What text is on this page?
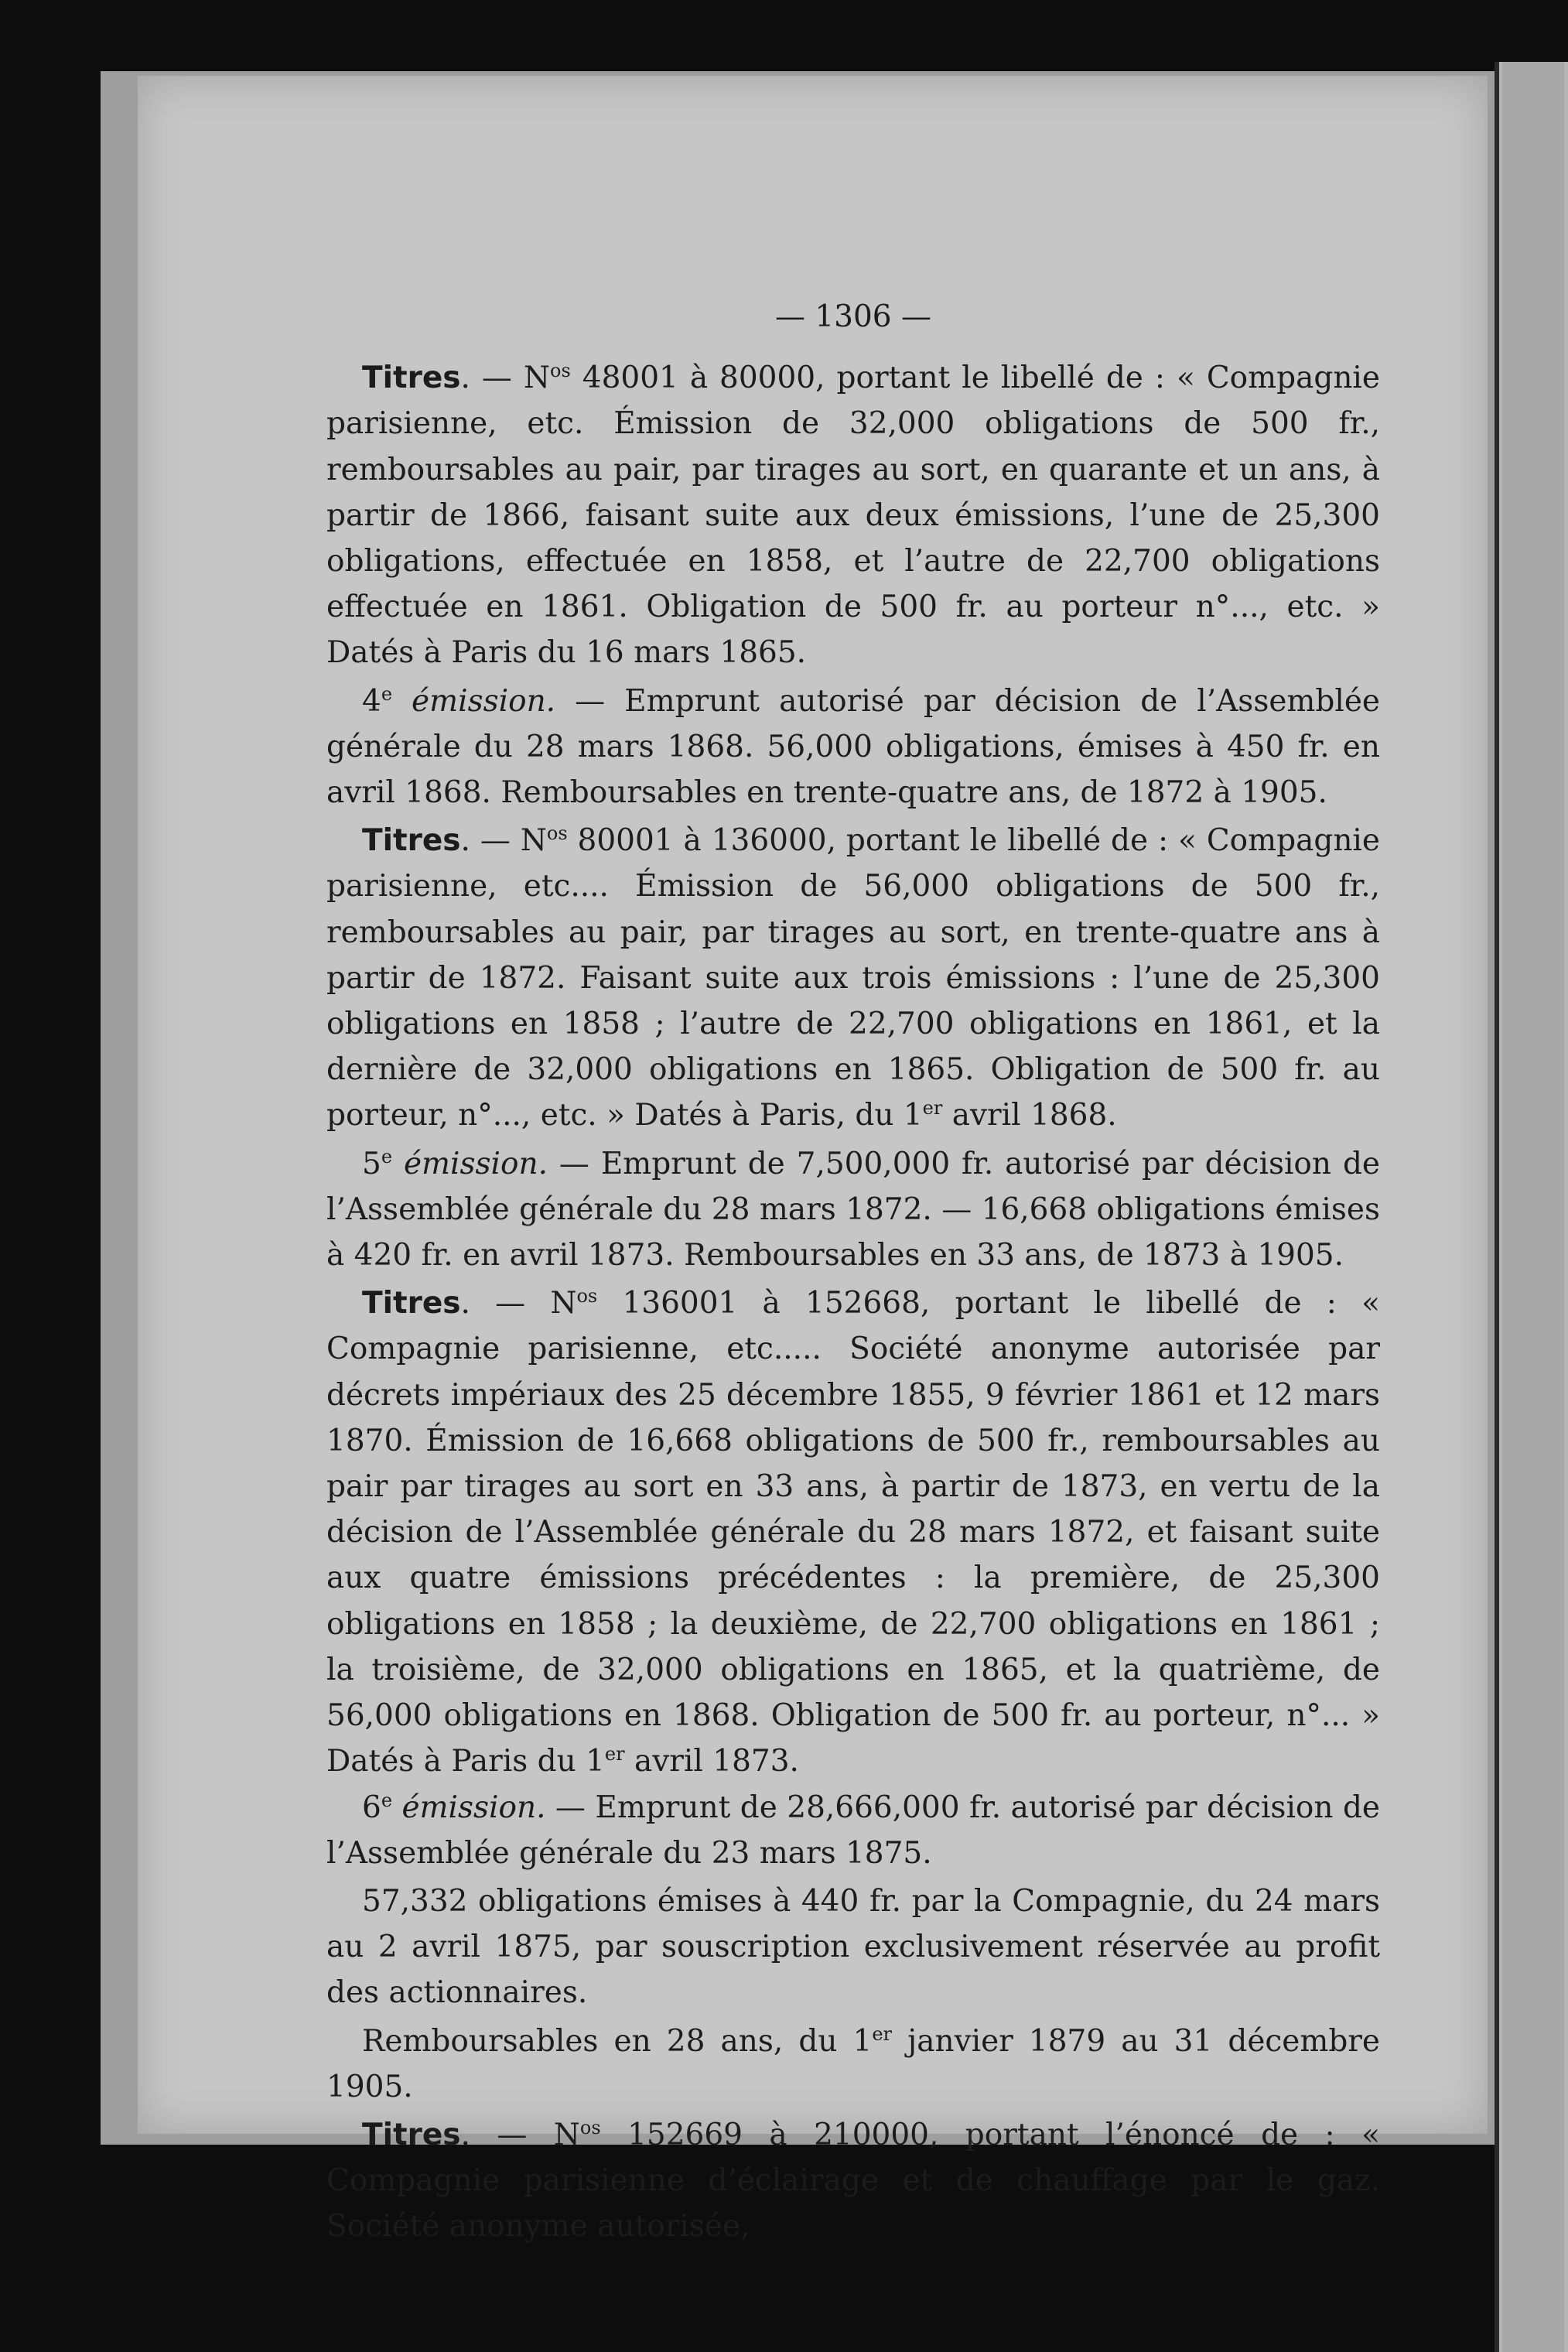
— 1306 —

Titres. — $N^{os}$ 48001 à 80000, portant le libellé de : « Compagnie parisienne, etc. Émission de 32,000 obligations de 500 fr., remboursables au pair, par tirages au sort, en quarante et un ans, à partir de 1866, faisant suite aux deux émissions, l’une de 25,300 obligations, effectuée en 1858, et l’autre de 22,700 obligations effectuée en 1861. Obligation de 500 fr. au porteur n°..., etc. » Datés à Paris du 16 mars 1865.

4e émission. — Emprunt autorisé par décision de l’Assemblée générale du 28 mars 1868. 56,000 obligations, émises à 450 fr. en avril 1868. Remboursables en trente-quatre ans, de 1872 à 1905.

Titres. — $N^{os}$ 80001 à 136000, portant le libellé de : « Compagnie parisienne, etc.... Émission de 56,000 obligations de 500 fr., remboursables au pair, par tirages au sort, en trente-quatre ans à partir de 1872. Faisant suite aux trois émissions : l’une de 25,300 obligations en 1858 ; l’autre de 22,700 obligations en 1861, et la dernière de 32,000 obligations en 1865. Obligation de 500 fr. au porteur, n°..., etc. » Datés à Paris, du 1er avril 1868.

5e émission. — Emprunt de 7,500,000 fr. autorisé par décision de l’Assemblée générale du 28 mars 1872. — 16,668 obligations émises à 420 fr. en avril 1873. Remboursables en 33 ans, de 1873 à 1905.

Titres. — $N^{os}$ 136001 à 152668, portant le libellé de : « Compagnie parisienne, etc..... Société anonyme autorisée par décrets impériaux des 25 décembre 1855, 9 février 1861 et 12 mars 1870. Émission de 16,668 obligations de 500 fr., remboursables au pair par tirages au sort en 33 ans, à partir de 1873, en vertu de la décision de l’Assemblée générale du 28 mars 1872, et faisant suite aux quatre émissions précédentes : la première, de 25,300 obligations en 1858 ; la deuxième, de 22,700 obligations en 1861 ; la troisième, de 32,000 obligations en 1865, et la quatrième, de 56,000 obligations en 1868. Obligation de 500 fr. au porteur, n°... » Datés à Paris du 1er avril 1873.

6e émission. — Emprunt de 28,666,000 fr. autorisé par décision de l’Assemblée générale du 23 mars 1875.

57,332 obligations émises à 440 fr. par la Compagnie, du 24 mars au 2 avril 1875, par souscription exclusivement réservée au profit des actionnaires.

Remboursables en 28 ans, du 1er janvier 1879 au 31 décembre 1905.

Titres. — $N^{os}$ 152669 à 210000, portant l’énoncé de : « Compagnie parisienne d’éclairage et de chauffage par le gaz. Société anonyme autorisée,
